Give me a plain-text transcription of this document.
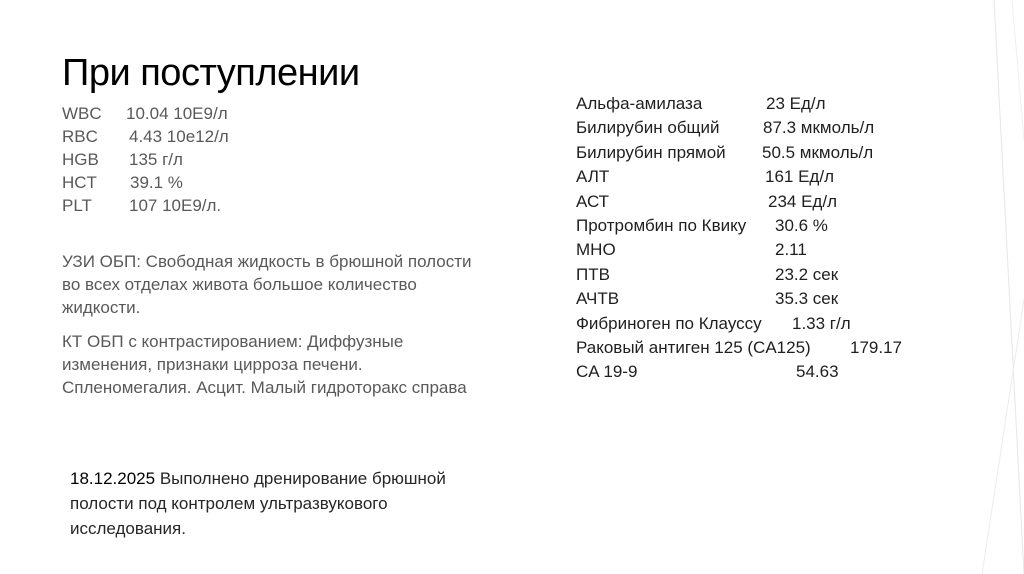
При поступлении
WBC 10.04 10E9/л
RBC 4.43 10e12/л
HGB 135 г/л
HCT 39.1 %
PLT 107 10E9/л.
УЗИ ОБП: Свободная жидкость в брюшной полости во всех отделах живота большое количество жидкости.
КТ ОБП с контрастированием: Диффузные изменения, признаки цирроза печени. Спленомегалия. Асцит. Малый гидроторакс справа
18.12.2025 Выполнено дренирование брюшной полости под контролем ультразвукового исследования.
Альфа-амилаза	23 Ед/л
Билирубин общий	87.3 мкмоль/л
Билирубин прямой 50.5 мкмоль/л
АЛТ	161 Ед/л
АСТ	234 Ед/л
Протромбин по Квику 30.6 %
МНО	2.11
ПТВ	23.2 сек
АЧТВ	35.3 сек
Фибриноген по Клауссу 1.33 г/л
Раковый антиген 125 (CA125) 179.17
CA 19-9	54.63
